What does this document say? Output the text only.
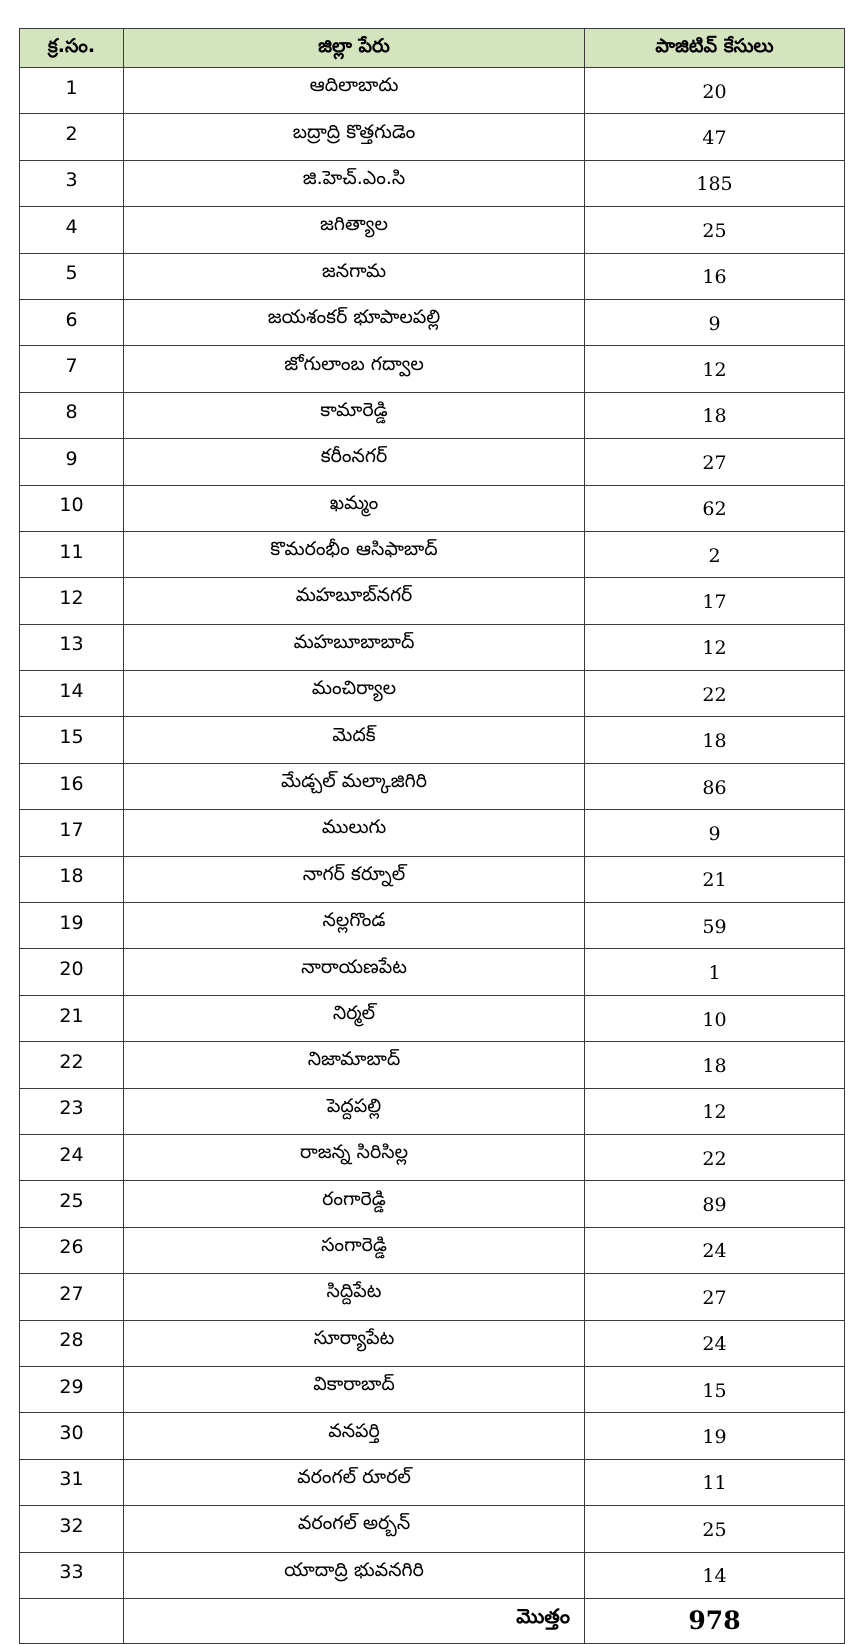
క్ర.సం.	జిల్లా పేరు	పాజిటివ్ కేసులు
1	ఆదిలాబాదు	20
2	బద్రాద్రి కొత్తగుడెం	47
3	జి.హెచ్.ఎం.సి	185
4	జగిత్యాల	25
5	జనగామ	16
6	జయశంకర్ భూపాలపల్లి	9
7	జోగులాంబ గద్వాల	12
8	కామారెడ్డి	18
9	కరీంనగర్	27
10	ఖమ్మం	62
11	కొమరంభీం ఆసిఫాబాద్	2
12	మహబూబ్‌నగర్	17
13	మహబూబాబాద్	12
14	మంచిర్యాల	22
15	మెదక్	18
16	మేడ్చల్ మల్కాజిగిరి	86
17	ములుగు	9
18	నాగర్ కర్నూల్	21
19	నల్లగొండ	59
20	నారాయణపేట	1
21	నిర్మల్	10
22	నిజామాబాద్	18
23	పెద్దపల్లి	12
24	రాజన్న సిరిసిల్ల	22
25	రంగారెడ్డి	89
26	సంగారెడ్డి	24
27	సిద్దిపేట	27
28	సూర్యాపేట	24
29	వికారాబాద్	15
30	వనపర్తి	19
31	వరంగల్ రూరల్	11
32	వరంగల్ అర్బన్	25
33	యాదాద్రి భువనగిరి	14
	మొత్తం	978
